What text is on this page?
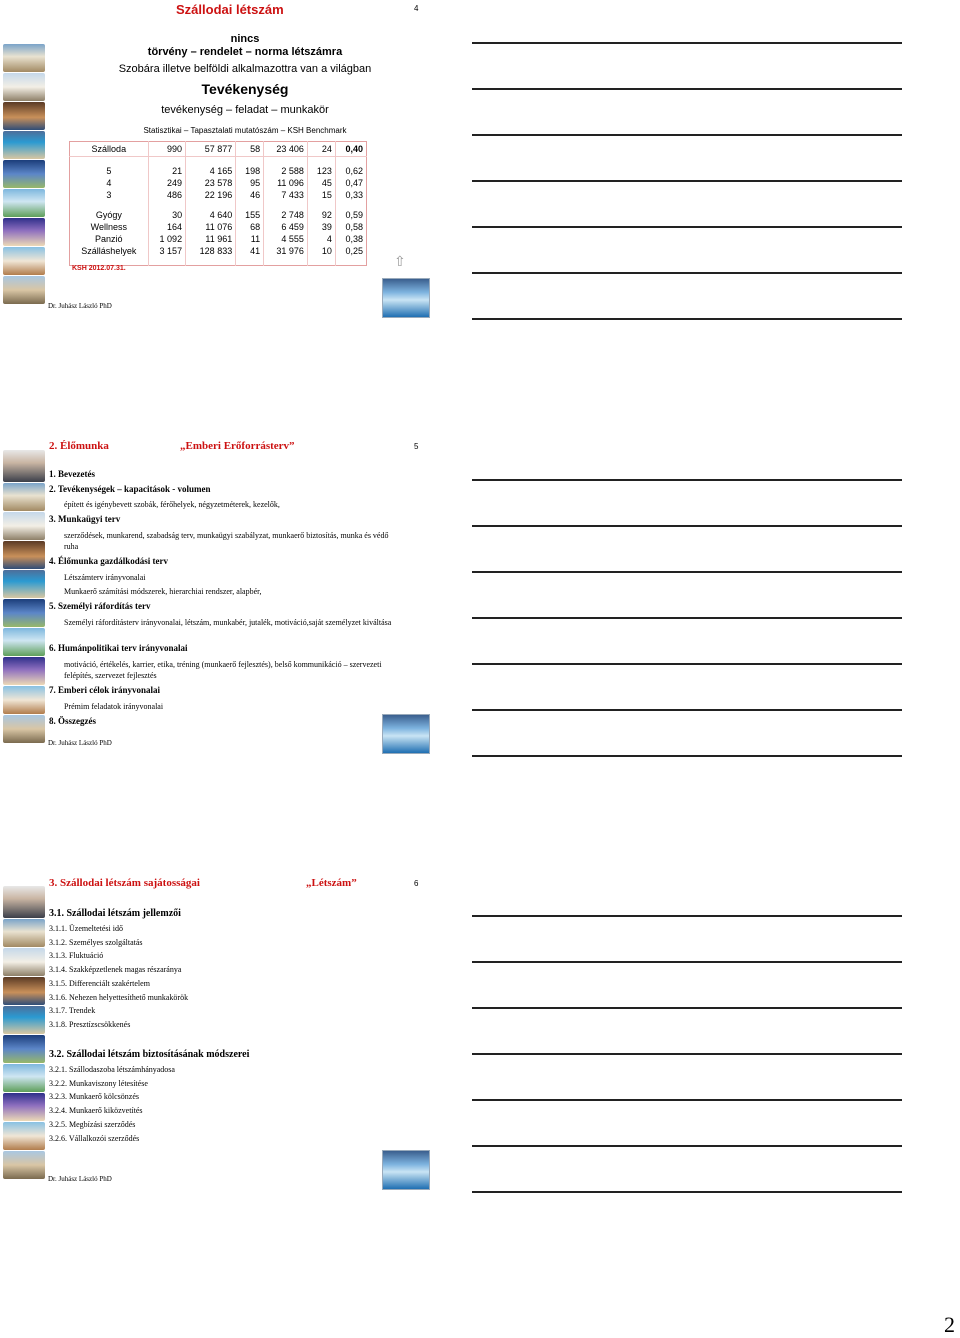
Szállodai létszám	4
nincs
törvény – rendelet – norma létszámra
Szobára illetve belföldi alkalmazottra van a világban
Tevékenység
tevékenység – feladat – munkakör
Statisztikai – Tapasztalati mutatószám – KSH Benchmark
Szálloda	990	57 877	58	23 406	24	0,40

5	21	4 165	198	2 588	123	0,62
4	249	23 578	95	11 096	45	0,47
3	486	22 196	46	7 433	15	0,33

Gyógy	30	4 640	155	2 748	92	0,59
Wellness	164	11 076	68	6 459	39	0,58
Panzió	1 092	11 961	11	4 555	4	0,38
Szálláshelyek	3 157	128 833	41	31 976	10	0,25

KSH 2012.07.31.	⇧
Dr. Juhász László PhD
2. Élőmunka	„Emberi Erőforrásterv”	5
1. Bevezetés
2. Tevékenységek – kapacitások - volumen
épített és igénybevett szobák, férőhelyek, négyzetméterek, kezelők,
3. Munkaügyi terv
szerződések, munkarend, szabadság terv, munkaügyi szabályzat, munkaerő biztosítás, munka és védő ruha
4. Élőmunka gazdálkodási terv
Létszámterv irányvonalai
Munkaerő számítási módszerek, hierarchiai rendszer, alapbér,
5. Személyi ráfordítás terv
Személyi ráfordításterv irányvonalai, létszám, munkabér, jutalék, motiváció,saját személyzet kiváltása
6. Humánpolitikai terv irányvonalai
motiváció, értékelés, karrier, etika, tréning (munkaerő fejlesztés), belső kommunikáció – szervezeti felépítés, szervezet fejlesztés
7. Emberi célok irányvonalai
Prémim feladatok irányvonalai
8. Összegzés
Dr. Juhász László PhD
3. Szállodai létszám sajátosságai	„Létszám”	6
3.1. Szállodai létszám jellemzői
3.1.1. Üzemeltetési idő
3.1.2. Személyes szolgáltatás
3.1.3. Fluktuáció
3.1.4. Szakképzetlenek magas részaránya
3.1.5. Differenciált szakértelem
3.1.6. Nehezen helyettesíthető munkakörök
3.1.7. Trendek
3.1.8. Presztízscsökkenés
3.2. Szállodai létszám biztosításának módszerei
3.2.1. Szállodaszoba létszámhányadosa
3.2.2. Munkaviszony létesítése
3.2.3. Munkaerő kölcsönzés
3.2.4. Munkaerő kiközvetítés
3.2.5. Megbízási szerződés
3.2.6. Vállalkozói szerződés
Dr. Juhász László PhD
2
